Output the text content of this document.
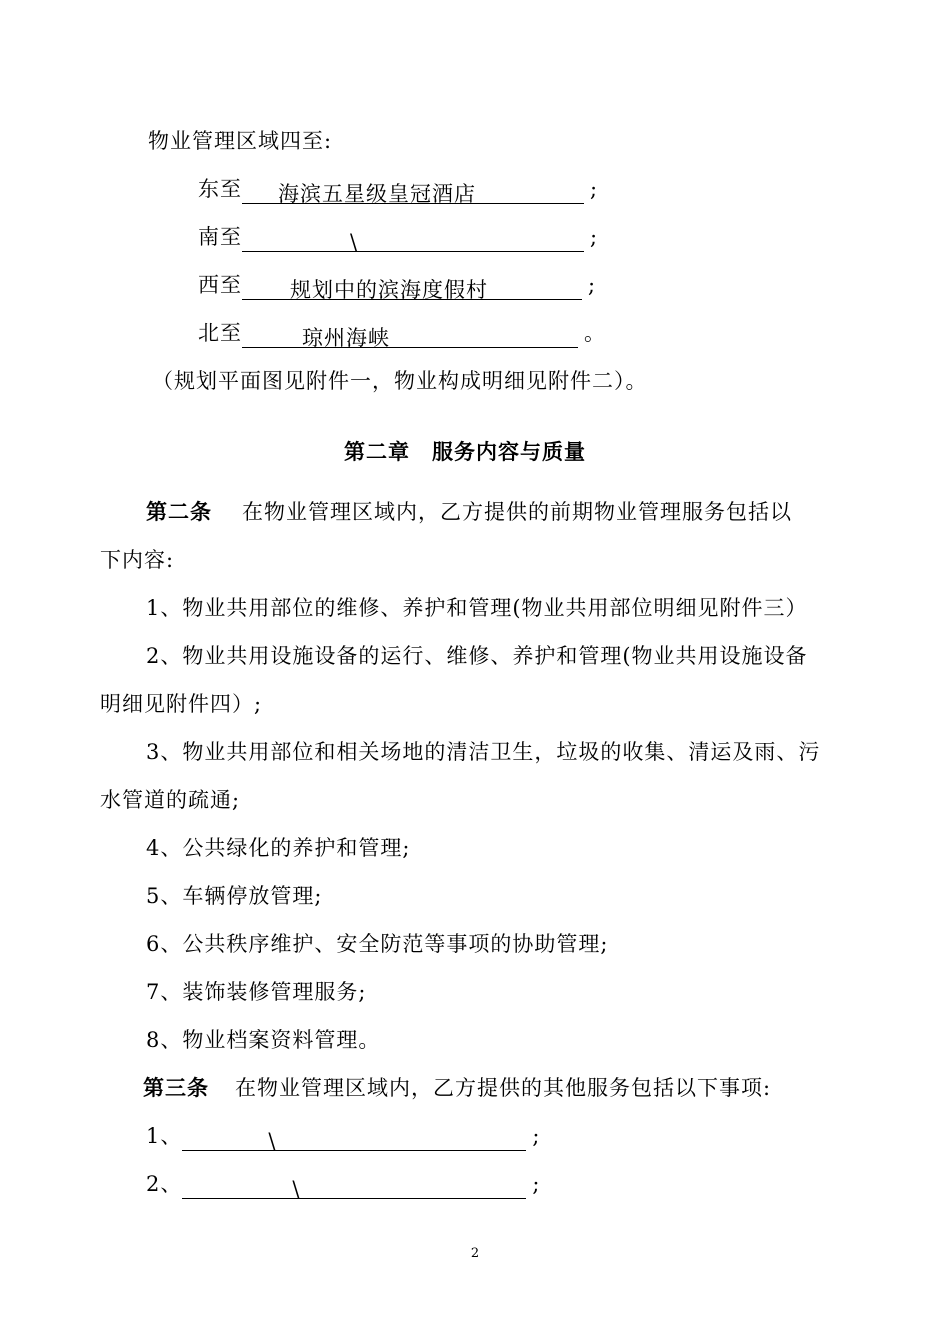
物业管理区域四至:
东至 海滨五星级皇冠酒店	;
南至	\	;
西至 规划中的滨海度假村	;
北至	琼州海峡	。
（规划平面图见附件一，物业构成明细见附件二）。
第二章　服务内容与质量
第二条 在物业管理区域内，乙方提供的前期物业管理服务包括以
下内容:
1、物业共用部位的维修、养护和管理(物业共用部位明细见附件三）
2、物业共用设施设备的运行、维修、养护和管理(物业共用设施设备
明细见附件四）;
3、物业共用部位和相关场地的清洁卫生，垃圾的收集、清运及雨、污
水管道的疏通;
4、公共绿化的养护和管理;
5、车辆停放管理;
6、公共秩序维护、安全防范等事项的协助管理;
7、装饰装修管理服务;
8、物业档案资料管理。
第三条 在物业管理区域内，乙方提供的其他服务包括以下事项:
1、	\	;
2、	\	;
2
